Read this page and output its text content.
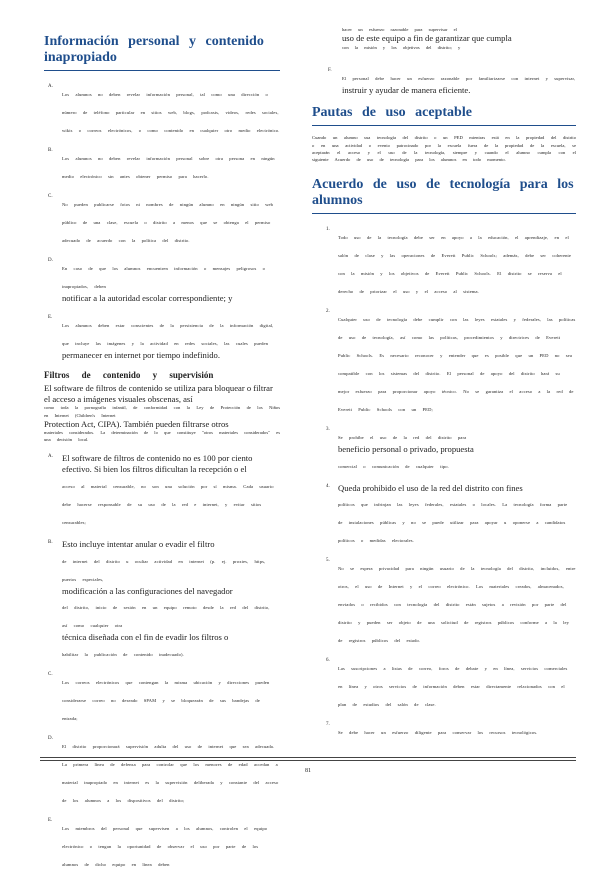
Información personal y contenido inapropiado
A.
Los alumnos no deben revelar información personal, tal como una dirección o número de teléfono particular en sitios web, blogs, podcasts, videos, redes sociales, wikis o correos electrónicos, o como contenido en cualquier otro medio electrónico.
B.
Los alumnos no deben revelar información personal sobre otra persona en ningún medio electrónico sin antes obtener permiso para hacerlo.
C.
No pueden publicarse fotos ni nombres de ningún alumno en ningún sitio web público de una clase, escuela o distrito a menos que se obtenga el permiso adecuado de acuerdo con la política del distrito.
D.
En caso de que los alumnos encuentren información o mensajes peligrosos o inapropiados, deben
notificar a la autoridad escolar correspondiente; y
E.
Los alumnos deben estar conscientes de la persistencia de la información digital, que incluye las imágenes y la actividad en redes sociales, las cuales pueden
permanecer en internet por tiempo indefinido.
Filtros de contenido y supervisión
El software de filtros de contenido se utiliza para bloquear o filtrar el acceso a imágenes visuales obscenas, así
como toda la pornografía infantil, de conformidad con la Ley de Protección de los Niños en Internet (Children's Internet
Protection Act, CIPA). También pueden filtrarse otros
materiales considerados. La determinación de lo que constituye "otros materiales considerados" es una decisión local.
A.	El software de filtros de contenido no es 100 por ciento efectivo. Si bien los filtros dificultan la recepción o el
acceso al material censurable, no son una solución por sí misma. Cada usuario debe hacerse responsable de su uso de la red e internet, y evitar sitios censurables;
B.	Esto incluye intentar anular o evadir el filtro
de internet del distrito u ocultar actividad en internet (p. ej. proxies, https, puertos especiales,
modificación a las configuraciones del navegador
del distrito, inicio de sesión en un equipo remoto desde la red del distrito, así como cualquier otra
técnica diseñada con el fin de evadir los filtros o
habilitar la publicación de contenido inadecuado).
C.
Los correos electrónicos que contengan la misma ubicación y direcciones pueden considerarse correo no deseado SPAM y se bloquearán de sus bandejas de entrada;
D.
El distrito proporcionará supervisión adulta del uso de internet que sea adecuada. La primera línea de defensa para controlar que los menores de edad accedan a material inapropiado en internet es la supervisión deliberada y constante del acceso de los alumnos a los dispositivos del distrito;
E.
Los miembros del personal que supervisen a los alumnos, controlen el equipo electrónico o tengan la oportunidad de observar el uso por parte de los alumnos de dicho equipo en línea deben
hacer un esfuerzo razonable para supervisar el
uso de este equipo a fin de garantizar que cumpla
con la misión y los objetivos del distrito; y
F.
El personal debe hacer un esfuerzo razonable por familiarizarse con internet y supervisar,
instruir y ayudar de manera eficiente.
Pautas de uso aceptable
Cuando un alumno usa tecnología del distrito o un PED mientras está en la propiedad del distrito o en una actividad o evento patrocinado por la escuela fuera de la propiedad de la escuela, se aceptarán el acceso y el uso de la tecnología, siempre y cuando el alumno cumpla con el siguiente Acuerdo de uso de tecnología para los alumnos en todo momento.
Acuerdo de uso de tecnología para los alumnos
1.
Todo uso de la tecnología debe ser en apoyo a la educación, el aprendizaje, en el salón de clase y las operaciones de Everett Public Schools; además, debe ser coherente con la misión y los objetivos de Everett Public Schools. El distrito se reserva el derecho de priorizar el uso y el acceso al sistema.
2.
Cualquier uso de tecnología debe cumplir con las leyes estatales y federales, las políticas de uso de tecnología, así como las políticas, procedimientos y directrices de Everett Public Schools. Es necesario reconocer y entender que es posible que un PED no sea compatible con los sistemas del distrito. El personal de apoyo del distrito hará su mejor esfuerzo para proporcionar apoyo técnico. No se garantiza el acceso a la red de Everett Public Schools con un PED;
3.
Se prohíbe el uso de la red del distrito para
beneficio personal o privado, propuesta
comercial o comunicación de cualquier tipo.
4. Queda prohibido el uso de la red del distrito con fines
políticos que infrinjan las leyes federales, estatales o locales. La tecnología forma parte de instalaciones públicas y no se puede utilizar para apoyar u oponerse a candidatos políticos o medidas electorales.
5.
No se espera privacidad para ningún usuario de la tecnología del distrito, incluidos, entre otros, el uso de Internet y el correo electrónico. Los materiales creados, almacenados, enviados o recibidos con tecnología del distrito están sujetos a revisión por parte del distrito y pueden ser objeto de una solicitud de registros públicos conforme a la ley de registros públicos del estado.
6.
Las suscripciones a listas de correo, foros de debate y en línea, servicios comerciales en línea y otros servicios de información deben estar directamente relacionados con el plan de estudios del salón de clase.
7.
Se debe hacer un esfuerzo diligente para conservar los recursos tecnológicos.
81
